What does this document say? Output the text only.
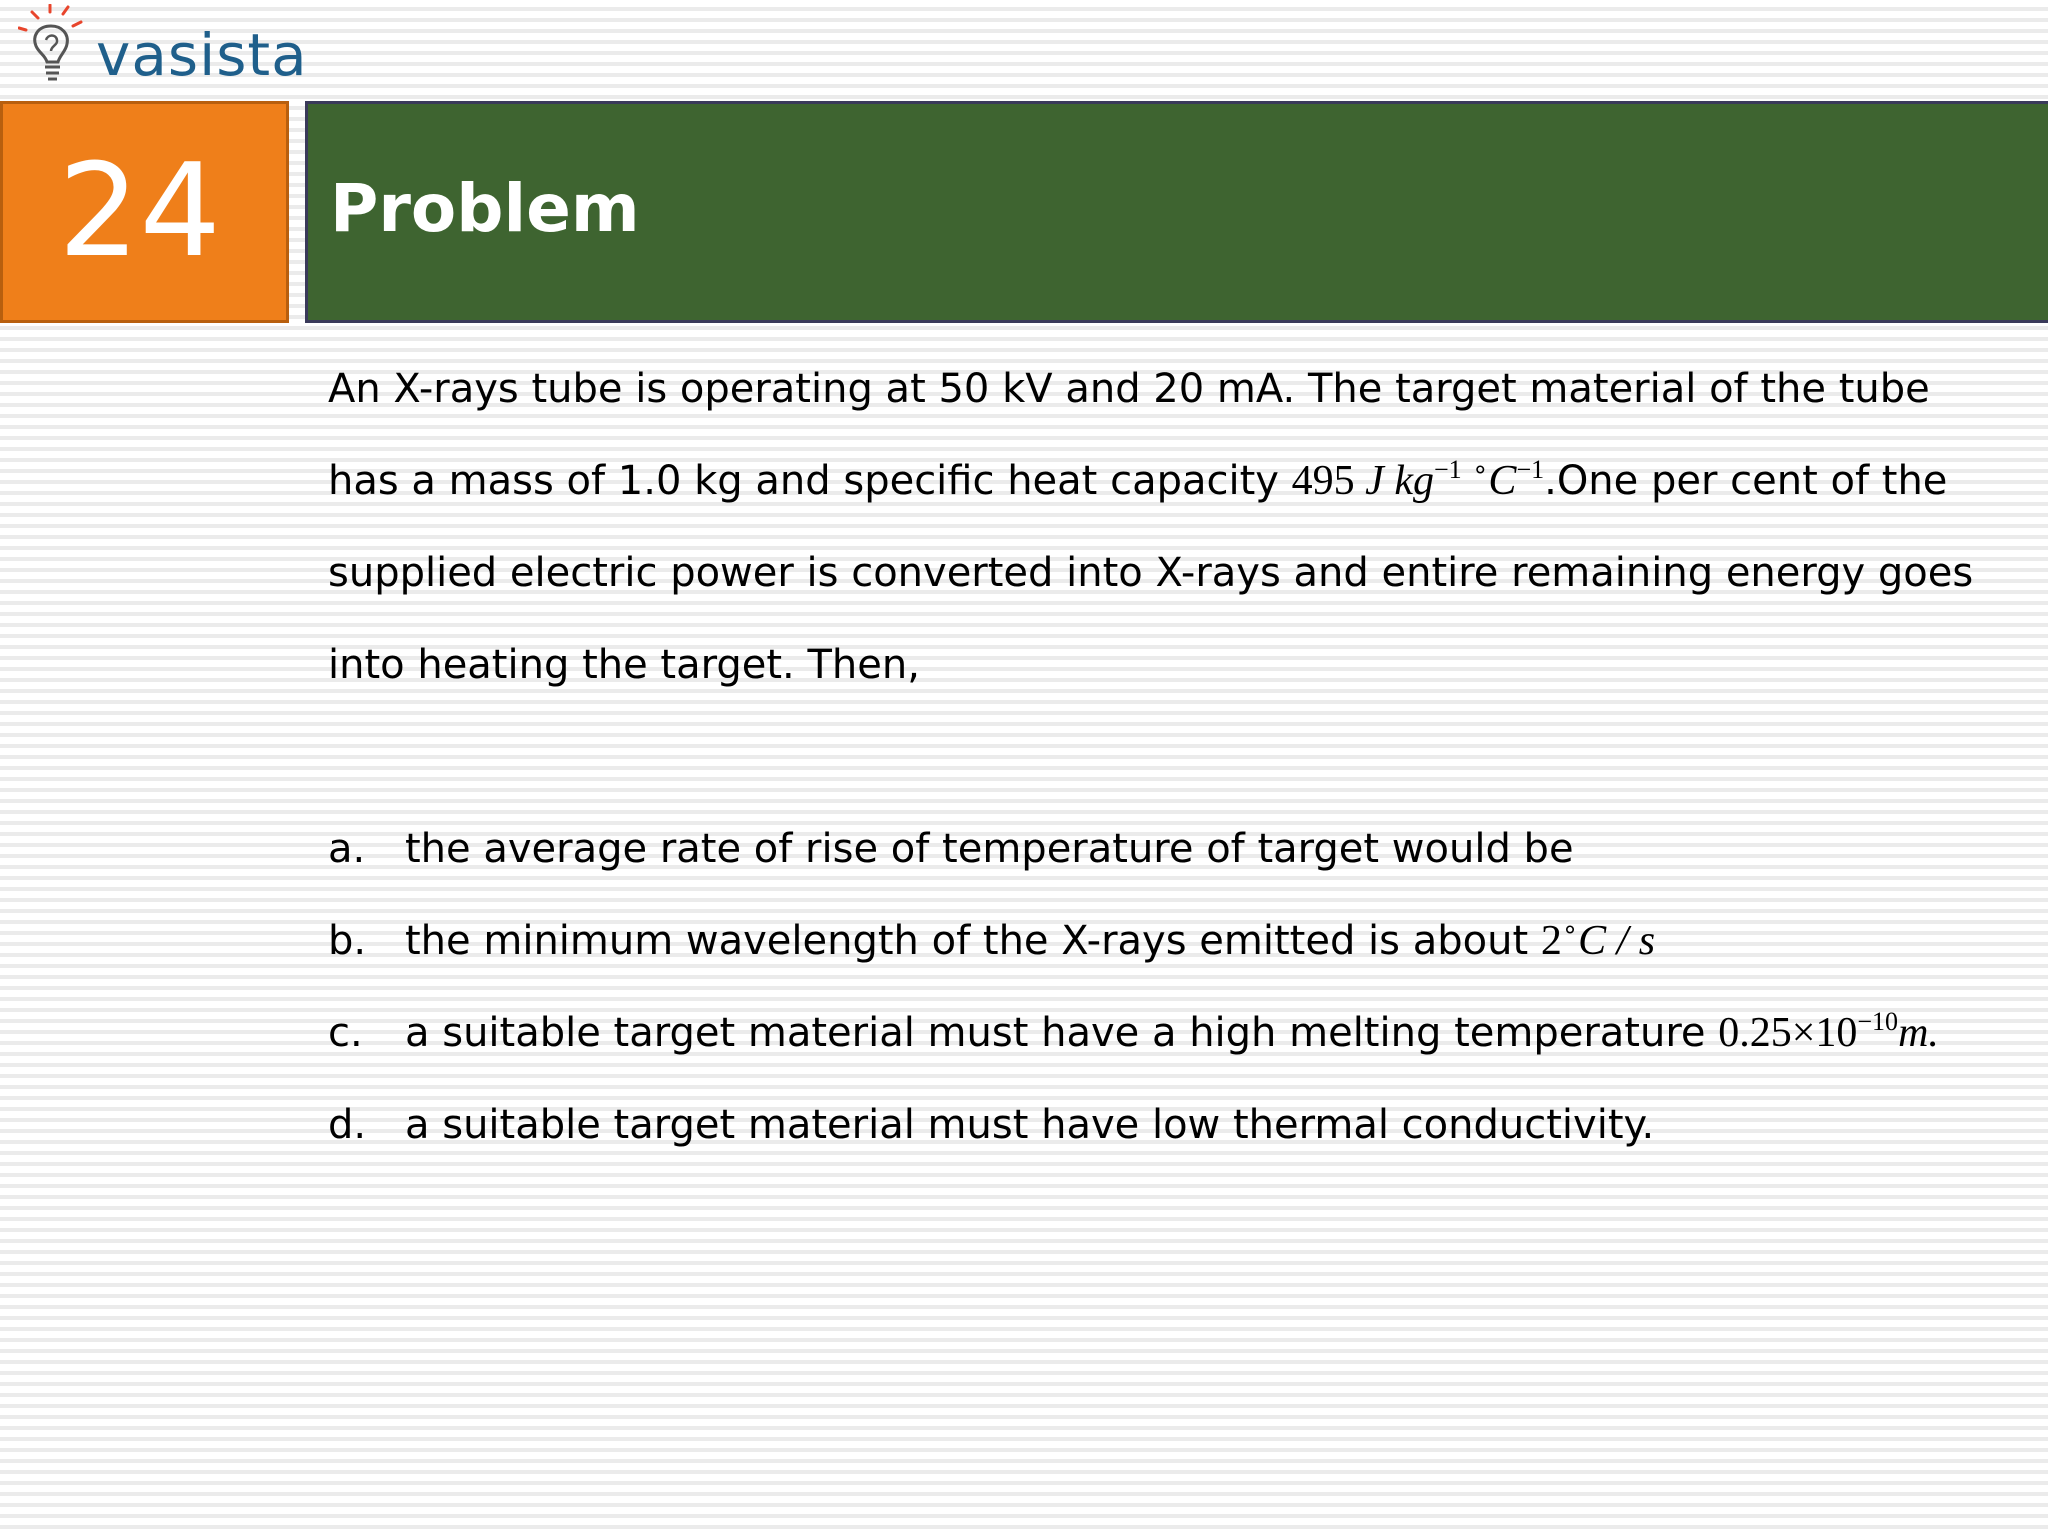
vasista
24 Problem
An X-rays tube is operating at 50 kV and 20 mA. The target material of the tube
has a mass of 1.0 kg and specific heat capacity 495 J $kg^{-1}$ $^\circ C^{-1}.One$ per cent of the
supplied electric power is converted into X-rays and entire remaining energy goes
into heating the target. Then,
a. the average rate of rise of temperature of target would be
b. the minimum wavelength of the X-rays emitted is about 2∘C / s
c.	a suitable target material must have a high melting temperature $0.25\times 10^{-10}m$.
d. a suitable target material must have low thermal conductivity.
